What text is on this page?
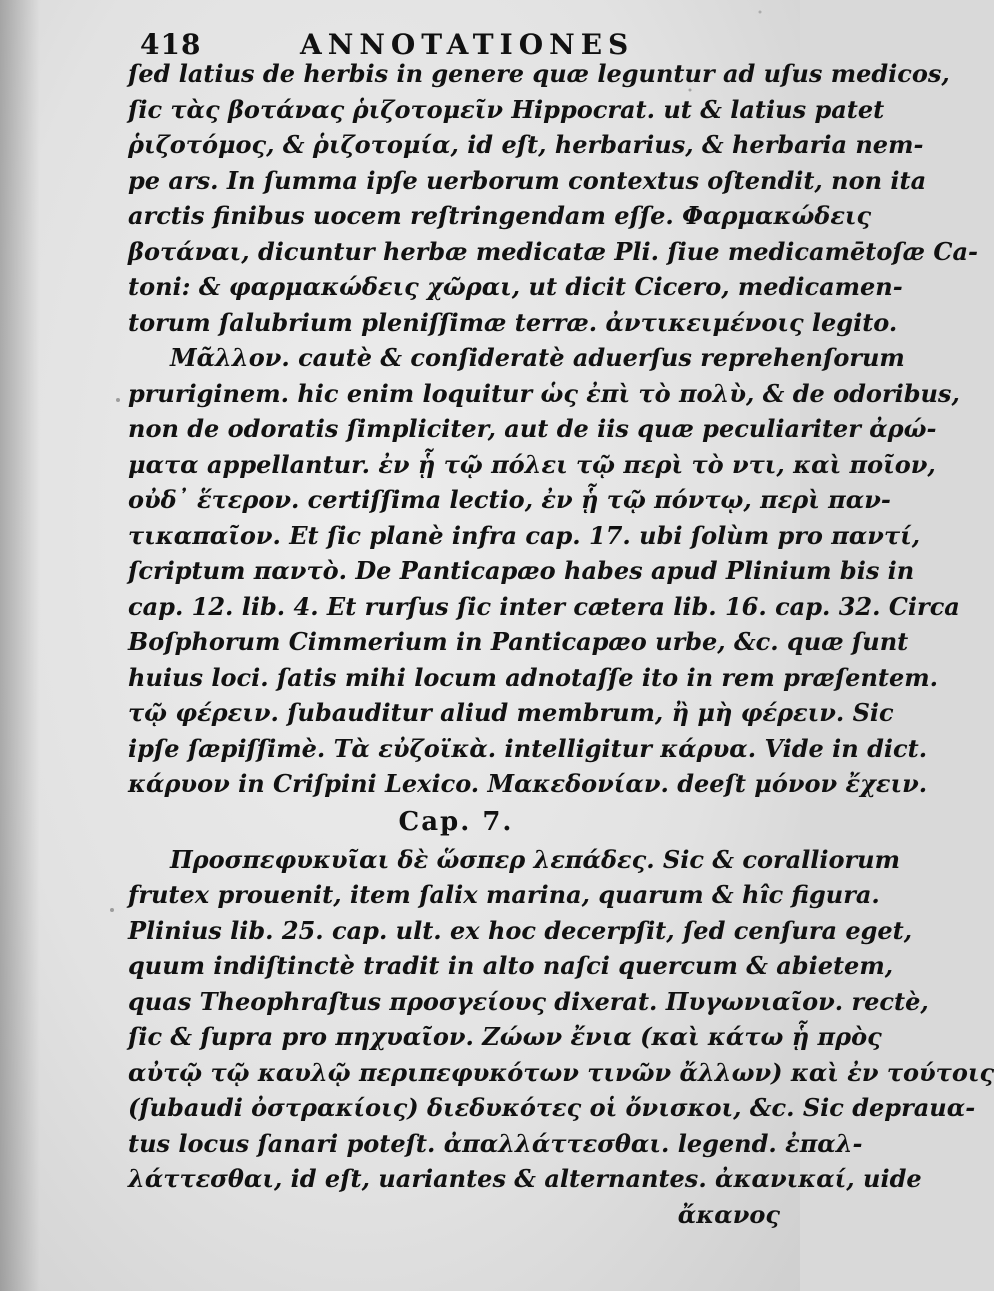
418	ANNOTATIONES
ſed latius de herbis in genere quæ leguntur ad uſus medicos,
ſic τὰς βοτάνας ῥιζοτομεῖν Hippocrat. ut & latius patet
ῥιζοτόμος, & ῥιζοτομία, id eſt, herbarius, & herbaria nem-
pe ars. In ſumma ipſe uerborum contextus oſtendit, non ita
arctis finibus uocem reſtringendam eſſe. Φαρμακώδεις
βοτάναι, dicuntur herbæ medicatæ Pli. ſiue medicamētoſæ Ca-
toni: & φαρμακώδεις χῶραι, ut dicit Cicero, medicamen-
torum ſalubrium pleniſſimæ terræ. ἀντικειμένοις legito.
Μᾶλλον. cautè & conſideratè aduerſus reprehenſorum
pruriginem. hic enim loquitur ὡς ἐπὶ τὸ πολὺ, & de odoribus,
non de odoratis ſimpliciter, aut de iis quæ peculiariter ἀρώ-
ματα appellantur. ἐν ᾗ τῷ πόλει τῷ περὶ τὸ ντι, καὶ ποῖον,
οὐδ᾽ ἕτερον. certiſſima lectio, ἐν ᾗ τῷ πόντῳ, περὶ παν-
τικαπαῖον. Et ſic planè infra cap. 17. ubi ſolùm pro παντί,
ſcriptum παντὸ. De Panticapæo habes apud Plinium bis in
cap. 12. lib. 4. Et rurſus ſic inter cætera lib. 16. cap. 32. Circa
Boſphorum Cimmerium in Panticapæo urbe, &c. quæ ſunt
huius loci. ſatis mihi locum adnotaſſe ito in rem præſentem.
τῷ φέρειν. ſubauditur aliud membrum, ἢ μὴ φέρειν. Sic
ipſe ſæpiſſimè. Τὰ εὐζοϊκὰ. intelligitur κάρυα. Vide in dict.
κάρυον in Criſpini Lexico. Μακεδονίαν. deeſt μόνον ἔχειν.
Cap. 7.
Προσπεφυκυῖαι δὲ ὥσπερ λεπάδες. Sic & coralliorum
frutex prouenit, item ſalix marina, quarum & hîc figura.
Plinius lib. 25. cap. ult. ex hoc decerpſit, ſed cenſura eget,
quum indiſtinctè tradit in alto naſci quercum & abietem,
quas Theophraſtus προσγείους dixerat. Πυγωνιαῖον. rectè,
ſic & ſupra pro πηχυαῖον. Ζώων ἔνια (καὶ κάτω ᾗ πρὸς
αὐτῷ τῷ καυλῷ περιπεφυκότων τινῶν ἄλλων) καὶ ἐν τούτοις
(ſubaudi ὀστρακίοις) διεδυκότες οἱ ὄνισκοι, &c. Sic deprauα-
tus locus ſanari poteſt. ἀπαλλάττεσθαι. legend. ἐπαλ-
λάττεσθαι, id eſt, uariantes & alternantes. ἀκανικαί, uide
ἄκανος
